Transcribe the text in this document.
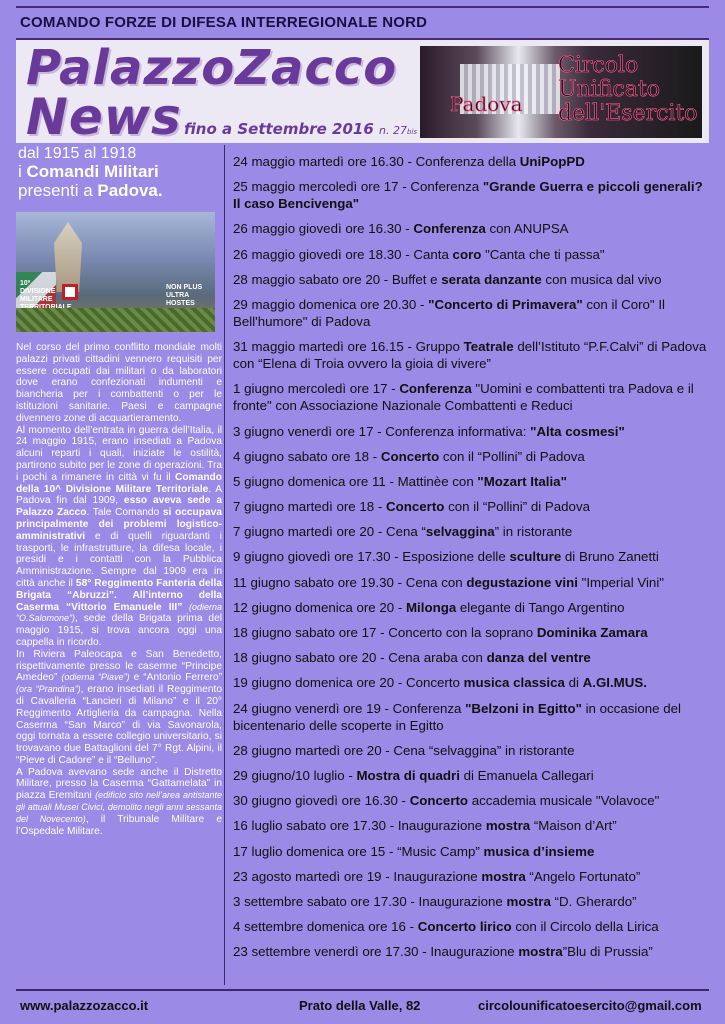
COMANDO FORZE DI DIFESA INTERREGIONALE NORD
PalazzoZacco
News fino a Settembre 2016 n. 27bis
Circolo Unificato dell'Esercito
Padova
dal 1915 al 1918
i Comandi Militari
presenti a Padova.
10ª DIVISIONE MILITARE
NON PLUS ULTRA HOSTES

Nel corso del primo conflitto mondiale molti palazzi privati cittadini vennero requisiti per essere occupati dai militari o da laboratori dove erano confezionati indumenti e biancheria per i combattenti o per le istituzioni sanitarie. Paesi e campagne divennero zone di acquartieramento.

Al momento dell’entrata in guerra dell’Italia, il 24 maggio 1915, erano insediati a Padova alcuni reparti i quali, iniziate le ostilità, partirono subito per le zone di operazioni. Tra i pochi a rimanere in città vi fu il Comando della 10^ Divisione Militare Territoriale. A Padova fin dal 1909, esso aveva sede a Palazzo Zacco. Tale Comando si occupava principalmente dei problemi logistico-amministrativi e di quelli riguardanti i trasporti, le infrastrutture, la difesa locale, i presidi e i contatti con la Pubblica Amministrazione. Sempre dal 1909 era in città anche il 58° Reggimento Fanteria della Brigata “Abruzzi”. All’interno della Caserma “Vittorio Emanuele III” (odierna “O.Salomone”), sede della Brigata prima del maggio 1915, si trova ancora oggi una cappella in ricordo.

In Riviera Paleocapa e San Benedetto, rispettivamente presso le caserme “Principe Amedeo” (odierna “Piave”) e “Antonio Ferrero” (ora “Prandina”), erano insediati il Reggimento di Cavalleria “Lancieri di Milano” e il 20° Reggimento Artiglieria da campagna. Nella Caserma “San Marco” di via Savonarola, oggi tornata a essere collegio universitario, si trovavano due Battaglioni del 7° Rgt. Alpini, il “Pieve di Cadore” e il “Belluno”.

A Padova avevano sede anche il Distretto Militare, presso la Caserma “Gattamelata” in piazza Eremitani (edificio sito nell’area antistante gli attuali Musei Civici, demolito negli anni sessanta del Novecento), il Tribunale Militare e l’Ospedale Militare.

24 maggio martedì ore 16.30 - Conferenza della UniPopPD
25 maggio mercoledì ore 17 - Conferenza "Grande Guerra e piccoli generali? Il caso Bencivenga"
26 maggio giovedì ore 16.30 - Conferenza con ANUPSA
26 maggio giovedì ore 18.30 - Canta coro "Canta che ti passa"
28 maggio sabato ore 20 - Buffet e serata danzante con musica dal vivo
29 maggio domenica ore 20.30 - "Concerto di Primavera" con il Coro" Il Bell'humore" di Padova
31 maggio martedì ore 16.15 - Gruppo Teatrale dell’Istituto “P.F.Calvi” di Padova con “Elena di Troia ovvero la gioia di vivere”
1 giugno mercoledì ore 17 - Conferenza "Uomini e combattenti tra Padova e il fronte" con Associazione Nazionale Combattenti e Reduci
3 giugno venerdì ore 17 - Conferenza informativa: "Alta cosmesi"
4 giugno sabato ore 18 - Concerto con il “Pollini” di Padova
5 giugno domenica ore 11 - Mattinèe con "Mozart Italia"
7 giugno martedì ore 18 - Concerto con il “Pollini” di Padova
7 giugno martedì ore 20 - Cena “selvaggina” in ristorante
9 giugno giovedì ore 17.30 - Esposizione delle sculture di Bruno Zanetti
11 giugno sabato ore 19.30 - Cena con degustazione vini "Imperial Vini"
12 giugno domenica ore 20 - Milonga elegante di Tango Argentino
18 giugno sabato ore 17 - Concerto con la soprano Dominika Zamara
18 giugno sabato ore 20 - Cena araba con danza del ventre
19 giugno domenica ore 20 - Concerto musica classica di A.GI.MUS.
24 giugno venerdì ore 19 - Conferenza "Belzoni in Egitto" in occasione del bicentenario delle scoperte in Egitto
28 giugno martedì ore 20 - Cena “selvaggina” in ristorante
29 giugno/10 luglio - Mostra di quadri di Emanuela Callegari
30 giugno giovedì ore 16.30 - Concerto accademia musicale "Volavoce"
16 luglio sabato ore 17.30 - Inaugurazione mostra “Maison d’Art”
17 luglio domenica ore 15 - “Music Camp” musica d’insieme
23 agosto martedì ore 19 - Inaugurazione mostra “Angelo Fortunato”
3 settembre sabato ore 17.30 - Inaugurazione mostra “D. Gherardo”
4 settembre domenica ore 16 - Concerto lirico con il Circolo della Lirica
23 settembre venerdì ore 17.30 - Inaugurazione mostra”Blu di Prussia”
www.palazzozacco.it	Prato della Valle, 82	circolounificatoesercito@gmail.com
